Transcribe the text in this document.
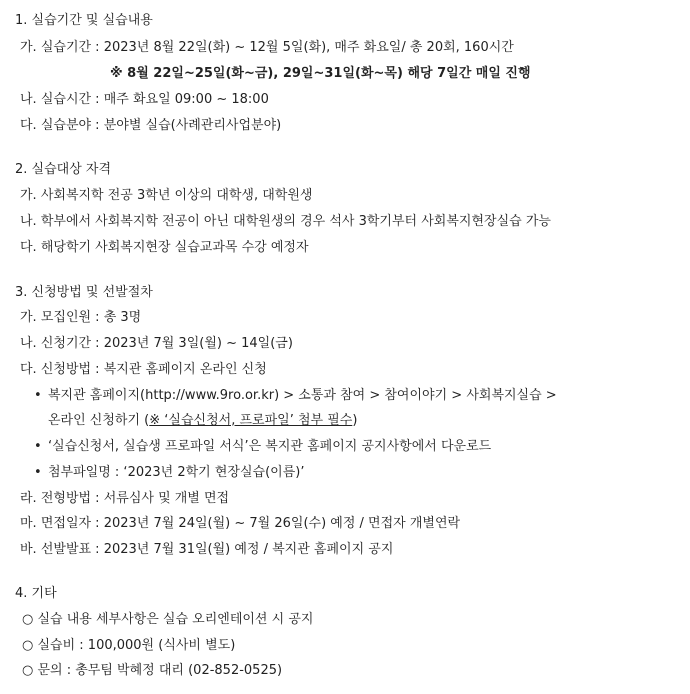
1. 실습기간 및 실습내용
가. 실습기간 : 2023년 8월 22일(화) ~ 12월 5일(화), 매주 화요일/ 총 20회, 160시간
※ 8월 22일~25일(화~금), 29일~31일(화~목) 해당 7일간 매일 진행
나. 실습시간 : 매주 화요일 09:00 ~ 18:00
다. 실습분야 : 분야별 실습(사례관리사업분야)
2. 실습대상 자격
가. 사회복지학 전공 3학년 이상의 대학생, 대학원생
나. 학부에서 사회복지학 전공이 아닌 대학원생의 경우 석사 3학기부터 사회복지현장실습 가능
다. 해당학기 사회복지현장 실습교과목 수강 예정자
3. 신청방법 및 선발절차
가. 모집인원 : 총 3명
나. 신청기간 : 2023년 7월 3일(월) ~ 14일(금)
다. 신청방법 : 복지관 홈페이지 온라인 신청
• 복지관 홈페이지(http://www.9ro.or.kr) > 소통과 참여 > 참여이야기 > 사회복지실습 >
온라인 신청하기 (※ ‘실습신청서, 프로파일’ 첨부 필수)
• ‘실습신청서, 실습생 프로파일 서식’은 복지관 홈페이지 공지사항에서 다운로드
• 첨부파일명 : ‘2023년 2학기 현장실습(이름)’
라. 전형방법 : 서류심사 및 개별 면접
마. 면접일자 : 2023년 7월 24일(월) ~ 7월 26일(수) 예정 / 면접자 개별연락
바. 선발발표 : 2023년 7월 31일(월) 예정 / 복지관 홈페이지 공지
4. 기타
○ 실습 내용 세부사항은 실습 오리엔테이션 시 공지
○ 실습비 : 100,000원 (식사비 별도)
○ 문의 : 총무팀 박혜정 대리 (02-852-0525)
